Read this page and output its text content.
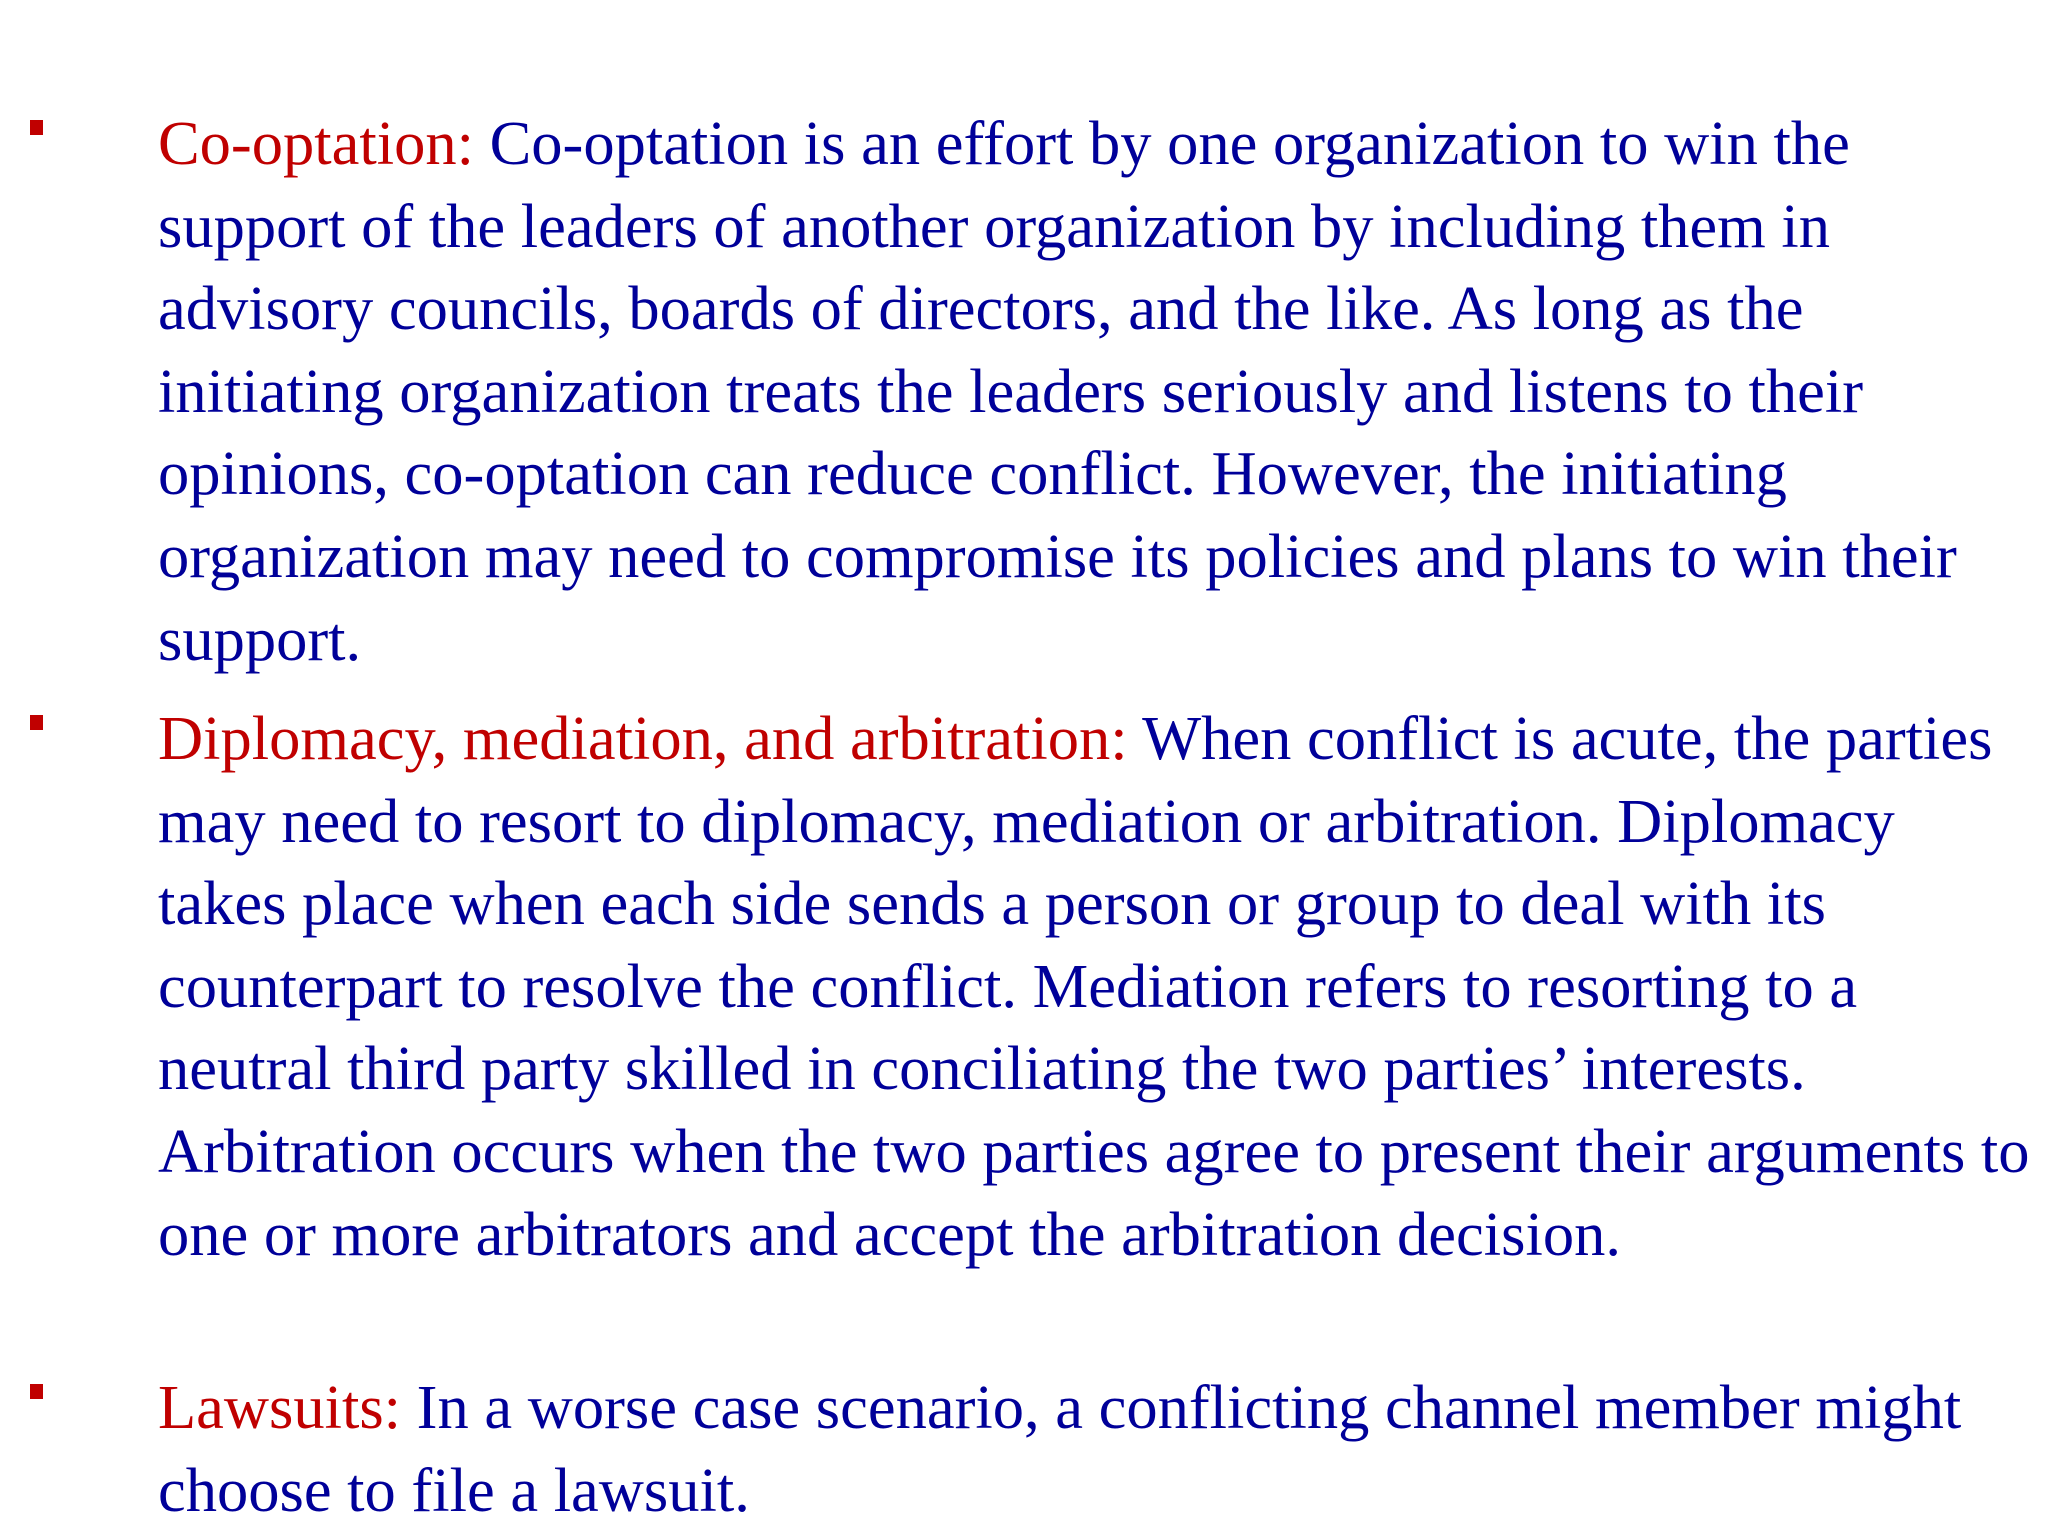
Co-optation: Co-optation is an effort by one organization to win the support of the leaders of another organization by including them in advisory councils, boards of directors, and the like. As long as the initiating organization treats the leaders seriously and listens to their opinions, co-optation can reduce conflict. However, the initiating organization may need to compromise its policies and plans to win their support.

Diplomacy, mediation, and arbitration: When conflict is acute, the parties may need to resort to diplomacy, mediation or arbitration. Diplomacy takes place when each side sends a person or group to deal with its counterpart to resolve the conflict. Mediation refers to resorting to a neutral third party skilled in conciliating the two parties’ interests. Arbitration occurs when the two parties agree to present their arguments to one or more arbitrators and accept the arbitration decision.

Lawsuits: In a worse case scenario, a conflicting channel member might choose to file a lawsuit.
